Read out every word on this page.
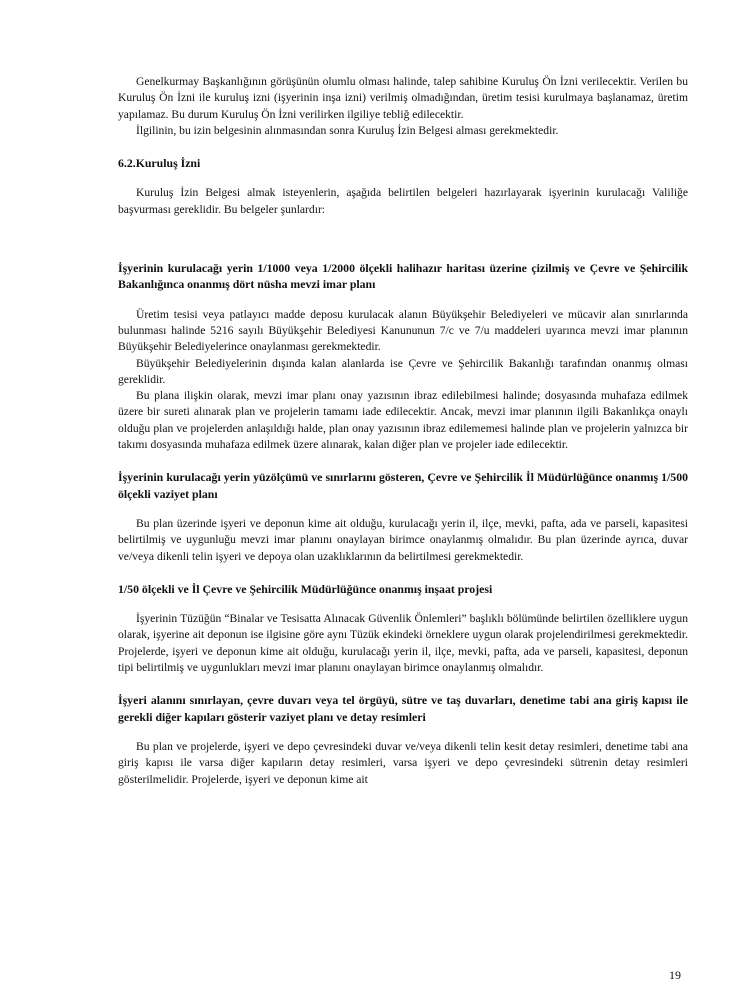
Genelkurmay Başkanlığının görüşünün olumlu olması halinde, talep sahibine Kuruluş Ön İzni verilecektir. Verilen bu Kuruluş Ön İzni ile kuruluş izni (işyerinin inşa izni) verilmiş olmadığından, üretim tesisi kurulmaya başlanamaz, üretim yapılamaz. Bu durum Kuruluş Ön İzni verilirken ilgiliye tebliğ edilecektir.

İlgilinin, bu izin belgesinin alınmasından sonra Kuruluş İzin Belgesi alması gerekmektedir.

6.2.Kuruluş İzni

Kuruluş İzin Belgesi almak isteyenlerin, aşağıda belirtilen belgeleri hazırlayarak işyerinin kurulacağı Valiliğe başvurması gereklidir. Bu belgeler şunlardır:

İşyerinin kurulacağı yerin 1/1000 veya 1/2000 ölçekli halihazır haritası üzerine çizilmiş ve Çevre ve Şehircilik Bakanlığınca onanmış dört nüsha mevzi imar planı

Üretim tesisi veya patlayıcı madde deposu kurulacak alanın Büyükşehir Belediyeleri ve mücavir alan sınırlarında bulunması halinde 5216 sayılı Büyükşehir Belediyesi Kanununun 7/c ve 7/u maddeleri uyarınca mevzi imar planının Büyükşehir Belediyelerince onaylanması gerekmektedir.

Büyükşehir Belediyelerinin dışında kalan alanlarda ise Çevre ve Şehircilik Bakanlığı tarafından onanmış olması gereklidir.

Bu plana ilişkin olarak, mevzi imar planı onay yazısının ibraz edilebilmesi halinde; dosyasında muhafaza edilmek üzere bir sureti alınarak plan ve projelerin tamamı iade edilecektir. Ancak, mevzi imar planının ilgili Bakanlıkça onaylı olduğu plan ve projelerden anlaşıldığı halde, plan onay yazısının ibraz edilememesi halinde plan ve projelerin yalnızca bir takımı dosyasında muhafaza edilmek üzere alınarak, kalan diğer plan ve projeler iade edilecektir.

İşyerinin kurulacağı yerin yüzölçümü ve sınırlarını gösteren, Çevre ve Şehircilik İl Müdürlüğünce onanmış 1/500 ölçekli vaziyet planı

Bu plan üzerinde işyeri ve deponun kime ait olduğu, kurulacağı yerin il, ilçe, mevki, pafta, ada ve parseli, kapasitesi belirtilmiş ve uygunluğu mevzi imar planını onaylayan birimce onaylanmış olmalıdır. Bu plan üzerinde ayrıca, duvar ve/veya dikenli telin işyeri ve depoya olan uzaklıklarının da belirtilmesi gerekmektedir.

1/50 ölçekli ve İl Çevre ve Şehircilik Müdürlüğünce onanmış inşaat projesi

İşyerinin Tüzüğün “Binalar ve Tesisatta Alınacak Güvenlik Önlemleri” başlıklı bölümünde belirtilen özelliklere uygun olarak, işyerine ait deponun ise ilgisine göre aynı Tüzük ekindeki örneklere uygun olarak projelendirilmesi gerekmektedir. Projelerde, işyeri ve deponun kime ait olduğu, kurulacağı yerin il, ilçe, mevki, pafta, ada ve parseli, kapasitesi, deponun tipi belirtilmiş ve uygunlukları mevzi imar planını onaylayan birimce onaylanmış olmalıdır.

İşyeri alanını sınırlayan, çevre duvarı veya tel örgüyü, sütre ve taş duvarları, denetime tabi ana giriş kapısı ile gerekli diğer kapıları gösterir vaziyet planı ve detay resimleri

Bu plan ve projelerde, işyeri ve depo çevresindeki duvar ve/veya dikenli telin kesit detay resimleri, denetime tabi ana giriş kapısı ile varsa diğer kapıların detay resimleri, varsa işyeri ve depo çevresindeki sütrenin detay resimleri gösterilmelidir. Projelerde, işyeri ve deponun kime ait

19
